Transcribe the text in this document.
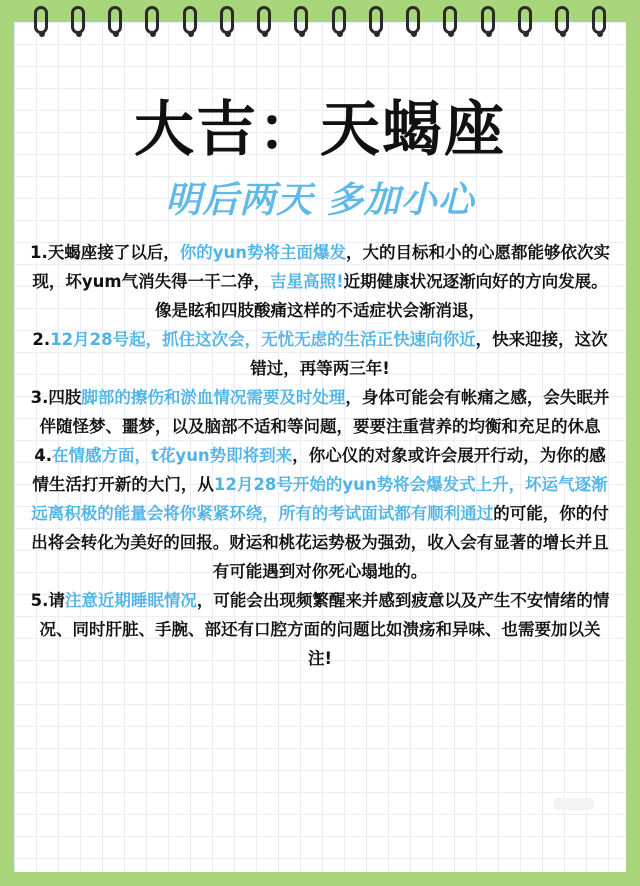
大吉：天蝎座
明后两天 多加小心

1.天蝎座接了以后，你的yun势将主面爆发，大的目标和小的心愿都能够依次实现，坏yum气消失得一干二净，吉星高照!近期健康状况逐渐向好的方向发展。像是眩和四肢酸痛这样的不适症状会渐消退，

2.12月28号起，抓住这次会，无忧无虑的生活正快速向你近，快来迎接，这次错过，再等两三年!

3.四肢脚部的擦伤和淤血情况需要及时处理，身体可能会有帐痛之感，会失眠并伴随怪梦、噩梦，以及脑部不适和等问题，要要注重营养的均衡和充足的休息

4.在情感方面，t花yun势即将到来，你心仪的对象或许会展开行动，为你的感情生活打开新的大门，从12月28号开始的yun势将会爆发式上升，坏运气逐渐远离积极的能量会将你紧紧环绕，所有的考试面试都有顺利通过的可能，你的付出将会转化为美好的回报。财运和桃花运势极为强劲，收入会有显著的增长并且有可能遇到对你死心塌地的。

5.请注意近期睡眠情况，可能会出现频繁醒来并感到疲意以及产生不安情绪的情况、同时肝脏、手腕、部还有口腔方面的问题比如溃疡和异味、也需要加以关注!
